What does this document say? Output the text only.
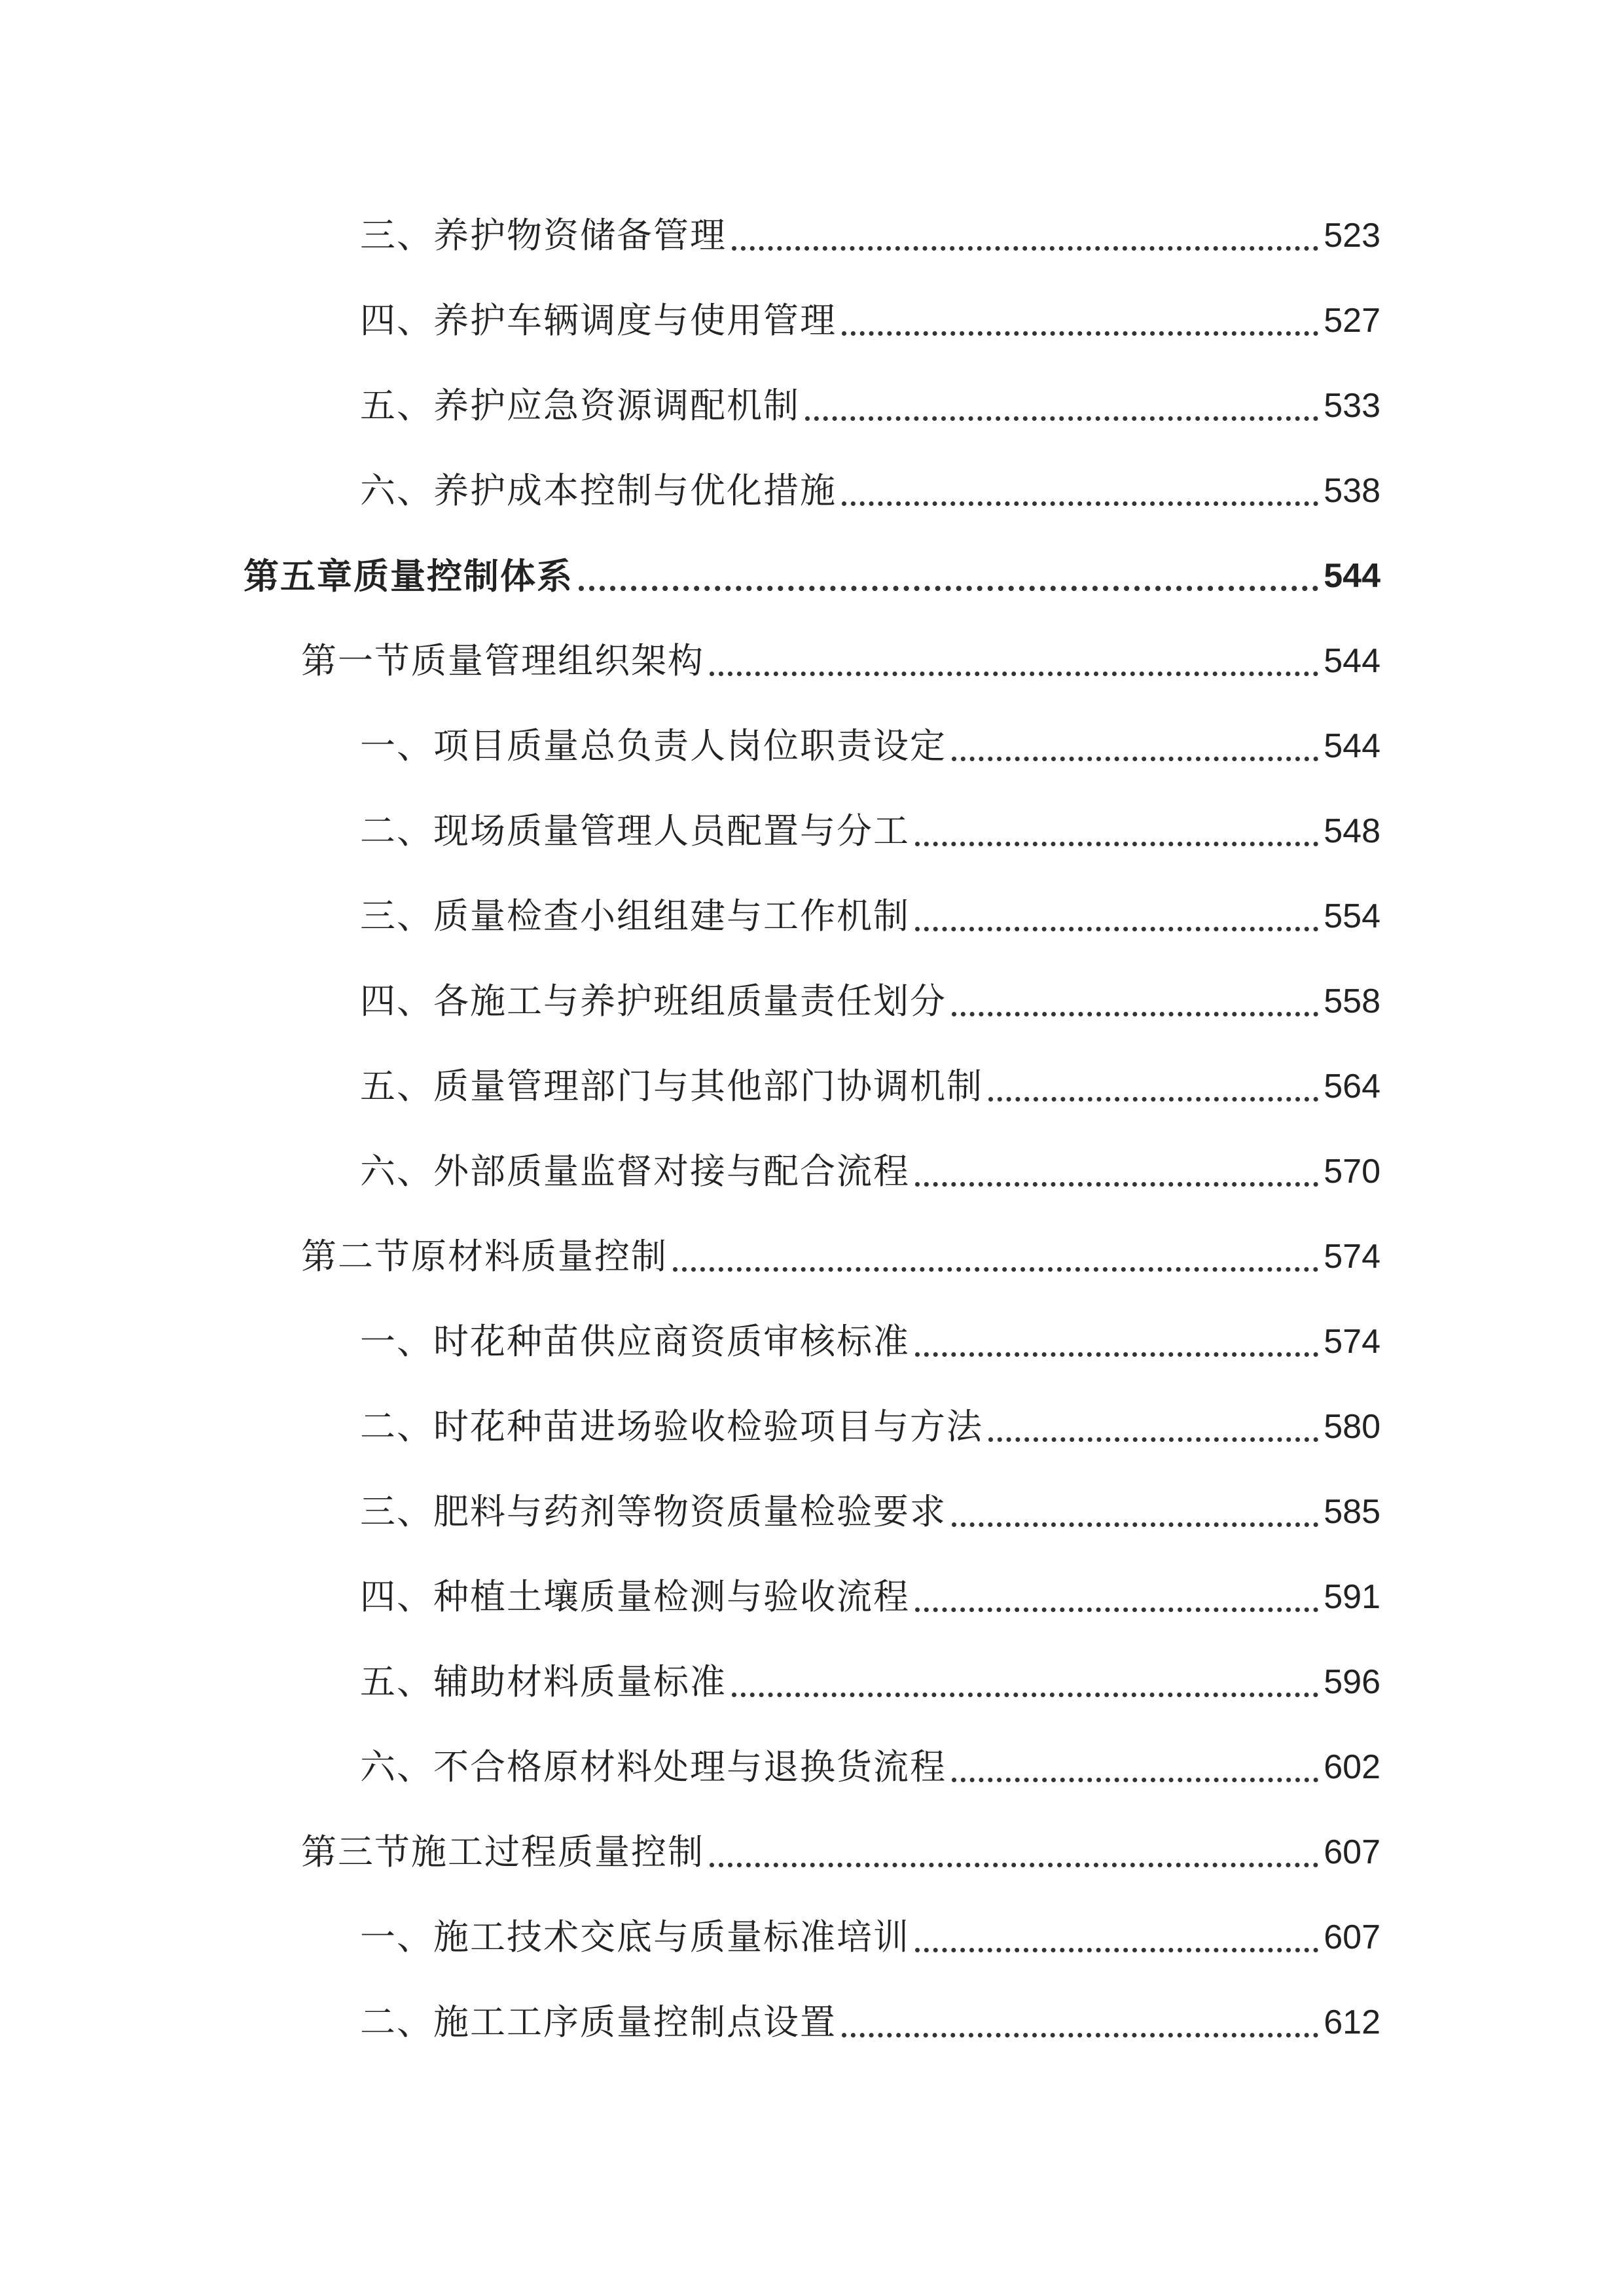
三、养护物资储备管理	523
四、养护车辆调度与使用管理	527
五、养护应急资源调配机制	533
六、养护成本控制与优化措施	538
第五章质量控制体系	544
第一节质量管理组织架构	544
一、项目质量总负责人岗位职责设定	544
二、现场质量管理人员配置与分工	548
三、质量检查小组组建与工作机制	554
四、各施工与养护班组质量责任划分	558
五、质量管理部门与其他部门协调机制	564
六、外部质量监督对接与配合流程	570
第二节原材料质量控制	574
一、时花种苗供应商资质审核标准	574
二、时花种苗进场验收检验项目与方法	580
三、肥料与药剂等物资质量检验要求	585
四、种植土壤质量检测与验收流程	591
五、辅助材料质量标准	596
六、不合格原材料处理与退换货流程	602
第三节施工过程质量控制	607
一、施工技术交底与质量标准培训	607
二、施工工序质量控制点设置	612
